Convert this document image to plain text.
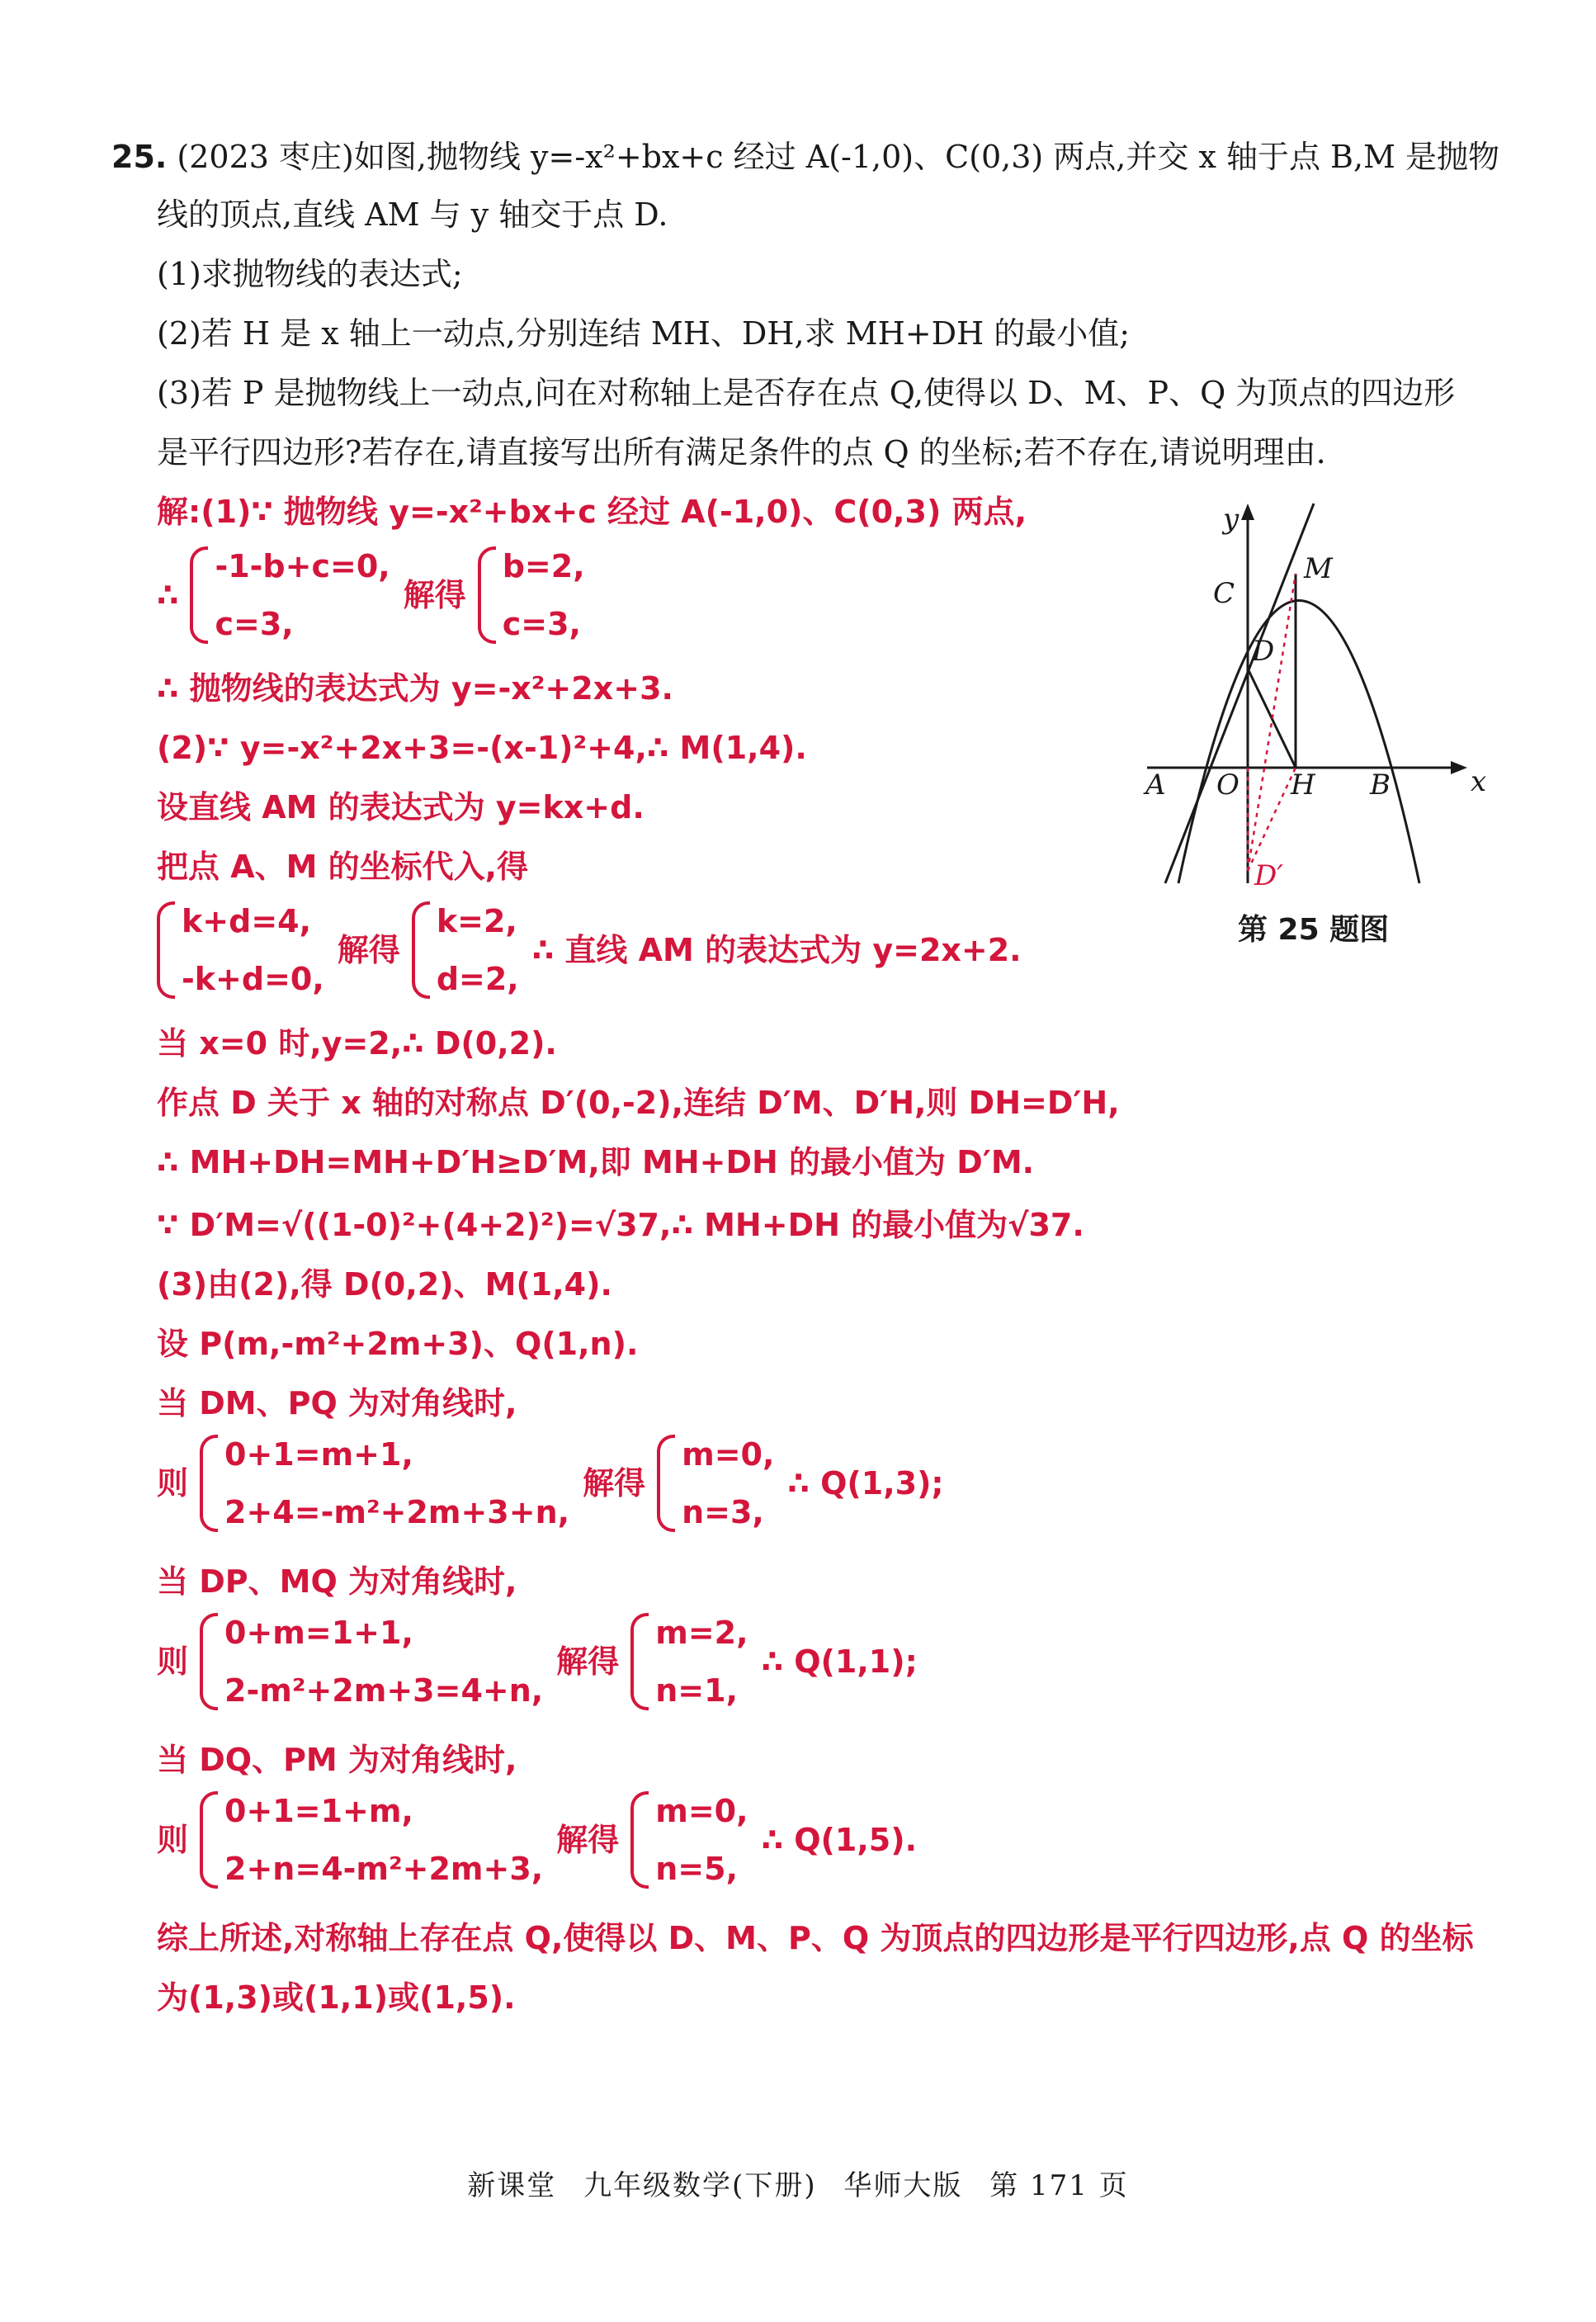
25. (2023 枣庄)如图,抛物线 y=-x²+bx+c 经过 A(-1,0)、C(0,3) 两点,并交 x 轴于点 B,M 是抛物
线的顶点,直线 AM 与 y 轴交于点 D.
(1)求抛物线的表达式;
(2)若 H 是 x 轴上一动点,分别连结 MH、DH,求 MH+DH 的最小值;
(3)若 P 是抛物线上一动点,问在对称轴上是否存在点 Q,使得以 D、M、P、Q 为顶点的四边形
是平行四边形?若存在,请直接写出所有满足条件的点 Q 的坐标;若不存在,请说明理由.
解:(1)∵ 抛物线 y=-x²+bx+c 经过 A(-1,0)、C(0,3) 两点,
∴
-1-b+c=0,
c=3,
解得
b=2,
c=3,
∴ 抛物线的表达式为 y=-x²+2x+3.
(2)∵ y=-x²+2x+3=-(x-1)²+4,∴ M(1,4).
设直线 AM 的表达式为 y=kx+d.
把点 A、M 的坐标代入,得
k+d=4,
-k+d=0,
解得
k=2,
d=2,
∴ 直线 AM 的表达式为 y=2x+2.
当 x=0 时,y=2,∴ D(0,2).
作点 D 关于 x 轴的对称点 D′(0,-2),连结 D′M、D′H,则 DH=D′H,
∴ MH+DH=MH+D′H≥D′M,即 MH+DH 的最小值为 D′M.
∵ D′M=√((1-0)²+(4+2)²)=√37,∴ MH+DH 的最小值为√37.
(3)由(2),得 D(0,2)、M(1,4).
设 P(m,-m²+2m+3)、Q(1,n).
当 DM、PQ 为对角线时,
则
0+1=m+1,
2+4=-m²+2m+3+n,
解得
m=0,
n=3,
∴ Q(1,3);
当 DP、MQ 为对角线时,
则
0+m=1+1,
2-m²+2m+3=4+n,
解得
m=2,
n=1,
∴ Q(1,1);
当 DQ、PM 为对角线时,
则
0+1=1+m,
2+n=4-m²+2m+3,
解得
m=0,
n=5,
∴ Q(1,5).
综上所述,对称轴上存在点 Q,使得以 D、M、P、Q 为顶点的四边形是平行四边形,点 Q 的坐标
为(1,3)或(1,1)或(1,5).
y
x
M
C
D
A O H B
D′
第 25 题图
新课堂 九年级数学(下册) 华师大版 第 171 页
